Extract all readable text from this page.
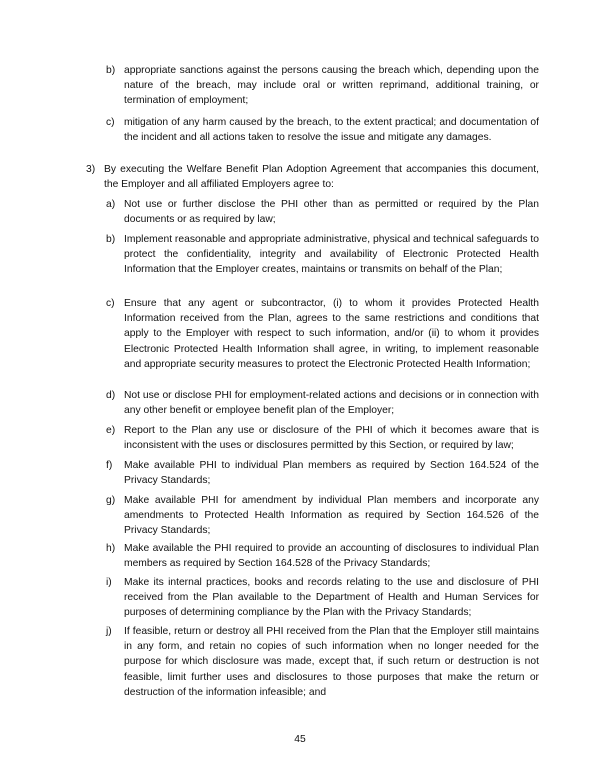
b) appropriate sanctions against the persons causing the breach which, depending upon the nature of the breach, may include oral or written reprimand, additional training, or termination of employment;
c) mitigation of any harm caused by the breach, to the extent practical; and documentation of the incident and all actions taken to resolve the issue and mitigate any damages.
3) By executing the Welfare Benefit Plan Adoption Agreement that accompanies this document, the Employer and all affiliated Employers agree to:
a) Not use or further disclose the PHI other than as permitted or required by the Plan documents or as required by law;
b) Implement reasonable and appropriate administrative, physical and technical safeguards to protect the confidentiality, integrity and availability of Electronic Protected Health Information that the Employer creates, maintains or transmits on behalf of the Plan;
c) Ensure that any agent or subcontractor, (i) to whom it provides Protected Health Information received from the Plan, agrees to the same restrictions and conditions that apply to the Employer with respect to such information, and/or (ii) to whom it provides Electronic Protected Health Information shall agree, in writing, to implement reasonable and appropriate security measures to protect the Electronic Protected Health Information;
d) Not use or disclose PHI for employment-related actions and decisions or in connection with any other benefit or employee benefit plan of the Employer;
e) Report to the Plan any use or disclosure of the PHI of which it becomes aware that is inconsistent with the uses or disclosures permitted by this Section, or required by law;
f) Make available PHI to individual Plan members as required by Section 164.524 of the Privacy Standards;
g) Make available PHI for amendment by individual Plan members and incorporate any amendments to Protected Health Information as required by Section 164.526 of the Privacy Standards;
h) Make available the PHI required to provide an accounting of disclosures to individual Plan members as required by Section 164.528 of the Privacy Standards;
i) Make its internal practices, books and records relating to the use and disclosure of PHI received from the Plan available to the Department of Health and Human Services for purposes of determining compliance by the Plan with the Privacy Standards;
j) If feasible, return or destroy all PHI received from the Plan that the Employer still maintains in any form, and retain no copies of such information when no longer needed for the purpose for which disclosure was made, except that, if such return or destruction is not feasible, limit further uses and disclosures to those purposes that make the return or destruction of the information infeasible; and
45
